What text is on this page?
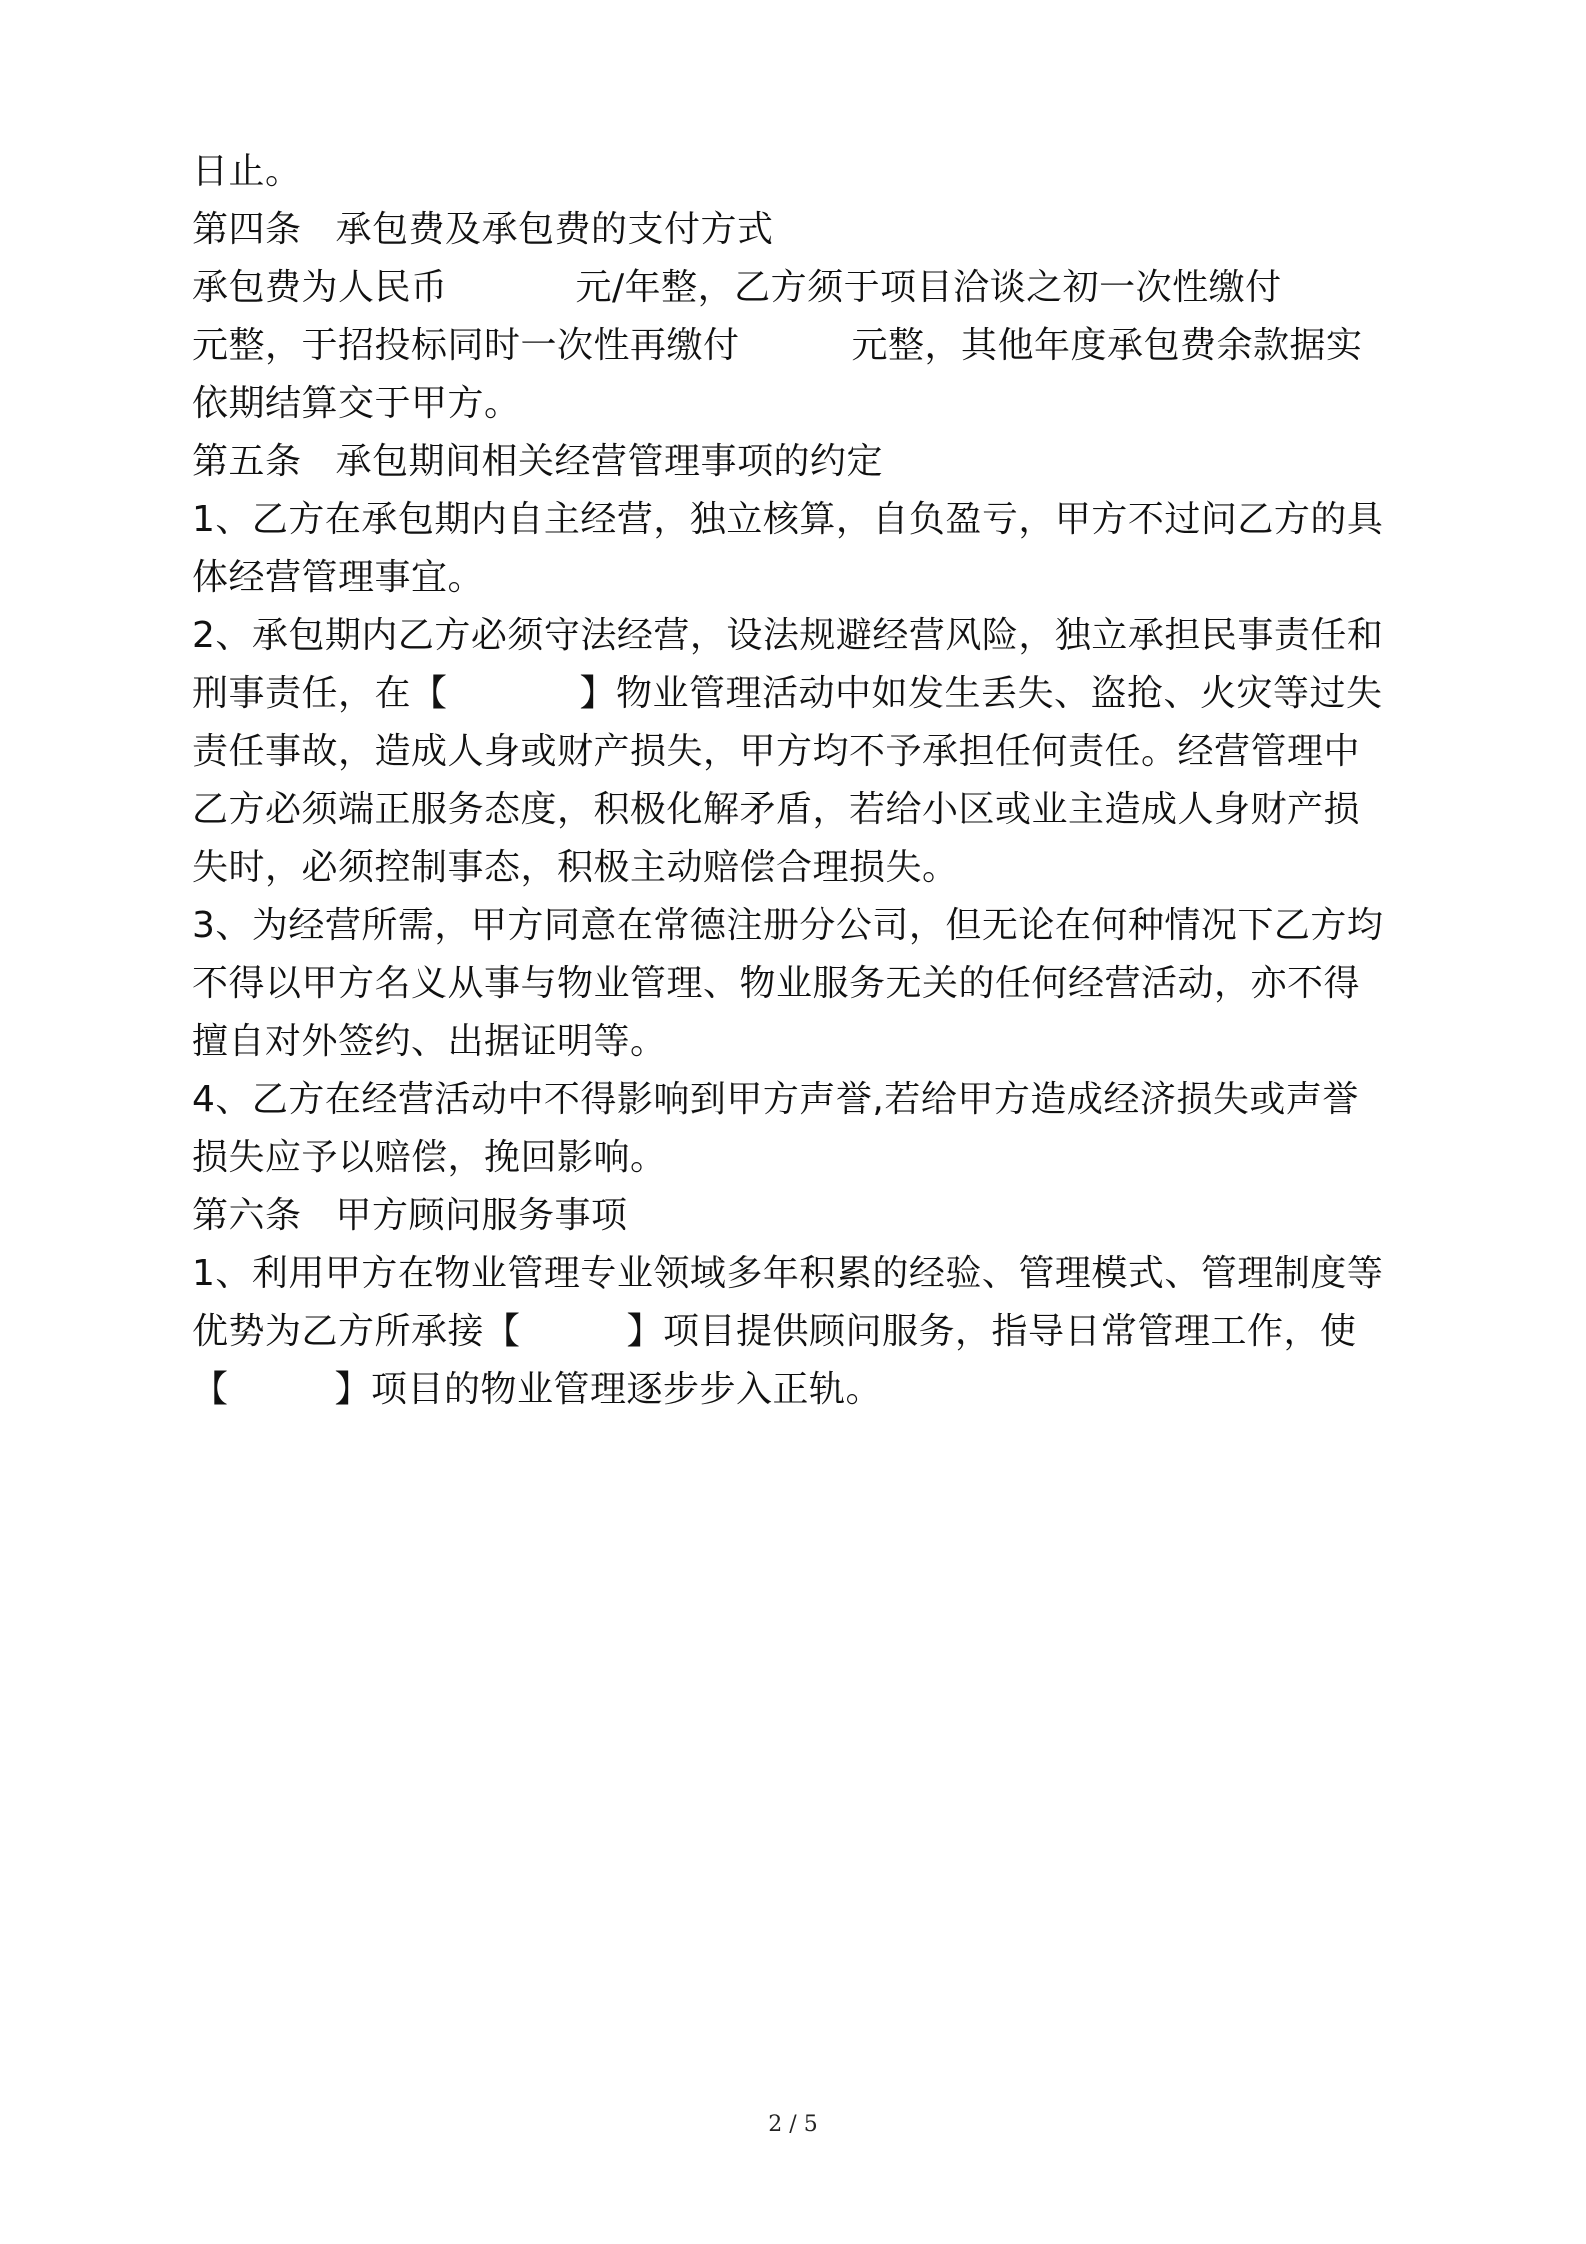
日止。
第四条 承包费及承包费的支付方式
承包费为人民币	元/年整，乙方须于项目洽谈之初一次性缴付
元整，于招投标同时一次性再缴付	元整，其他年度承包费余款据实
依期结算交于甲方。
第五条 承包期间相关经营管理事项的约定
1、乙方在承包期内自主经营，独立核算，自负盈亏，甲方不过问乙方的具
体经营管理事宜。
2、承包期内乙方必须守法经营，设法规避经营风险，独立承担民事责任和
刑事责任，在【	】物业管理活动中如发生丢失、盗抢、火灾等过失
责任事故，造成人身或财产损失，甲方均不予承担任何责任。经营管理中
乙方必须端正服务态度，积极化解矛盾，若给小区或业主造成人身财产损
失时，必须控制事态，积极主动赔偿合理损失。
3、为经营所需，甲方同意在常德注册分公司，但无论在何种情况下乙方均
不得以甲方名义从事与物业管理、物业服务无关的任何经营活动，亦不得
擅自对外签约、出据证明等。
4、乙方在经营活动中不得影响到甲方声誉,若给甲方造成经济损失或声誉
损失应予以赔偿，挽回影响。
第六条 甲方顾问服务事项
1、利用甲方在物业管理专业领域多年积累的经验、管理模式、管理制度等
优势为乙方所承接【	】项目提供顾问服务，指导日常管理工作，使
【	】项目的物业管理逐步步入正轨。
2 / 5
